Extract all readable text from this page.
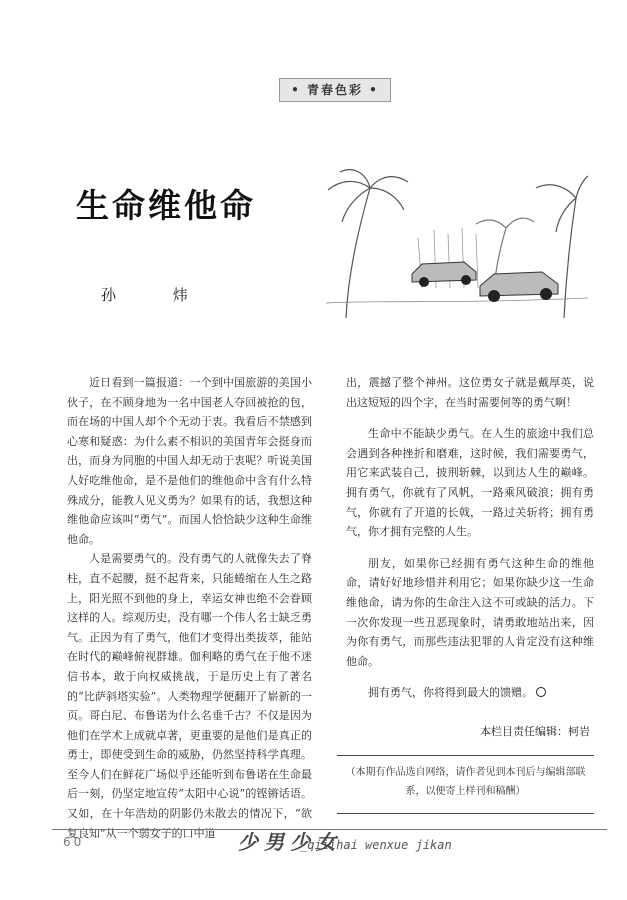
• 青春色彩 •
生命维他命
孙 炜

近日看到一篇报道：一个到中国旅游的美国小伙子，在不顾身地为一名中国老人夺回被抢的包，而在场的中国人却个个无动于衷。我看后不禁感到心寒和疑惑：为什么素不相识的美国青年会挺身而出，而身为同胞的中国人却无动于衷呢？听说美国人好吃维他命，是不是他们的维他命中含有什么特殊成分，能教人见义勇为？如果有的话，我想这种维他命应该叫“勇气”。而国人恰恰缺少这种生命维他命。

人是需要勇气的。没有勇气的人就像失去了脊柱，直不起腰，挺不起背来，只能蜷缩在人生之路上，阳光照不到他的身上，幸运女神也绝不会眷顾这样的人。综观历史，没有哪一个伟人名士缺乏勇气。正因为有了勇气，他们才变得出类拔萃，能站在时代的巅峰俯视群雄。伽利略的勇气在于他不迷信书本，敢于向权威挑战，于是历史上有了著名的“比萨斜塔实验”。人类物理学便翻开了崭新的一页。哥白尼、布鲁诺为什么名垂千古？不仅是因为他们在学术上成就卓著，更重要的是他们是真正的勇士，即使受到生命的威胁，仍然坚持科学真理。至今人们在鲜花广场似乎还能听到布鲁诺在生命最后一刻，仍坚定地宣传“太阳中心说”的铿锵话语。又如，在十年浩劫的阴影仍未散去的情况下，“欲复良知”从一个弱女子的口中道

出，震撼了整个神州。这位勇女子就是戴厚英，说出这短短的四个字，在当时需要何等的勇气啊！

生命中不能缺少勇气。在人生的旅途中我们总会遇到各种挫折和磨难，这时候，我们需要勇气，用它来武装自己，披荆斩棘，以到达人生的巅峰。拥有勇气，你就有了风帆，一路乘风破浪；拥有勇气，你就有了开道的长戟，一路过关斩将；拥有勇气，你才拥有完整的人生。

朋友，如果你已经拥有勇气这种生命的维他命，请好好地珍惜并利用它；如果你缺少这一生命维他命，请为你的生命注入这不可或缺的活力。下一次你发现一些丑恶现象时，请勇敢地站出来，因为你有勇气，而那些违法犯罪的人肯定没有这种维他命。

拥有勇气，你将得到最大的馈赠。

本栏目责任编辑：柯岩
（本期有作品选自网络，请作者见到本刊后与编辑部联系，以便寄上样刊和稿酬）
60	少男少女
_qiiihai wenxue jikan
